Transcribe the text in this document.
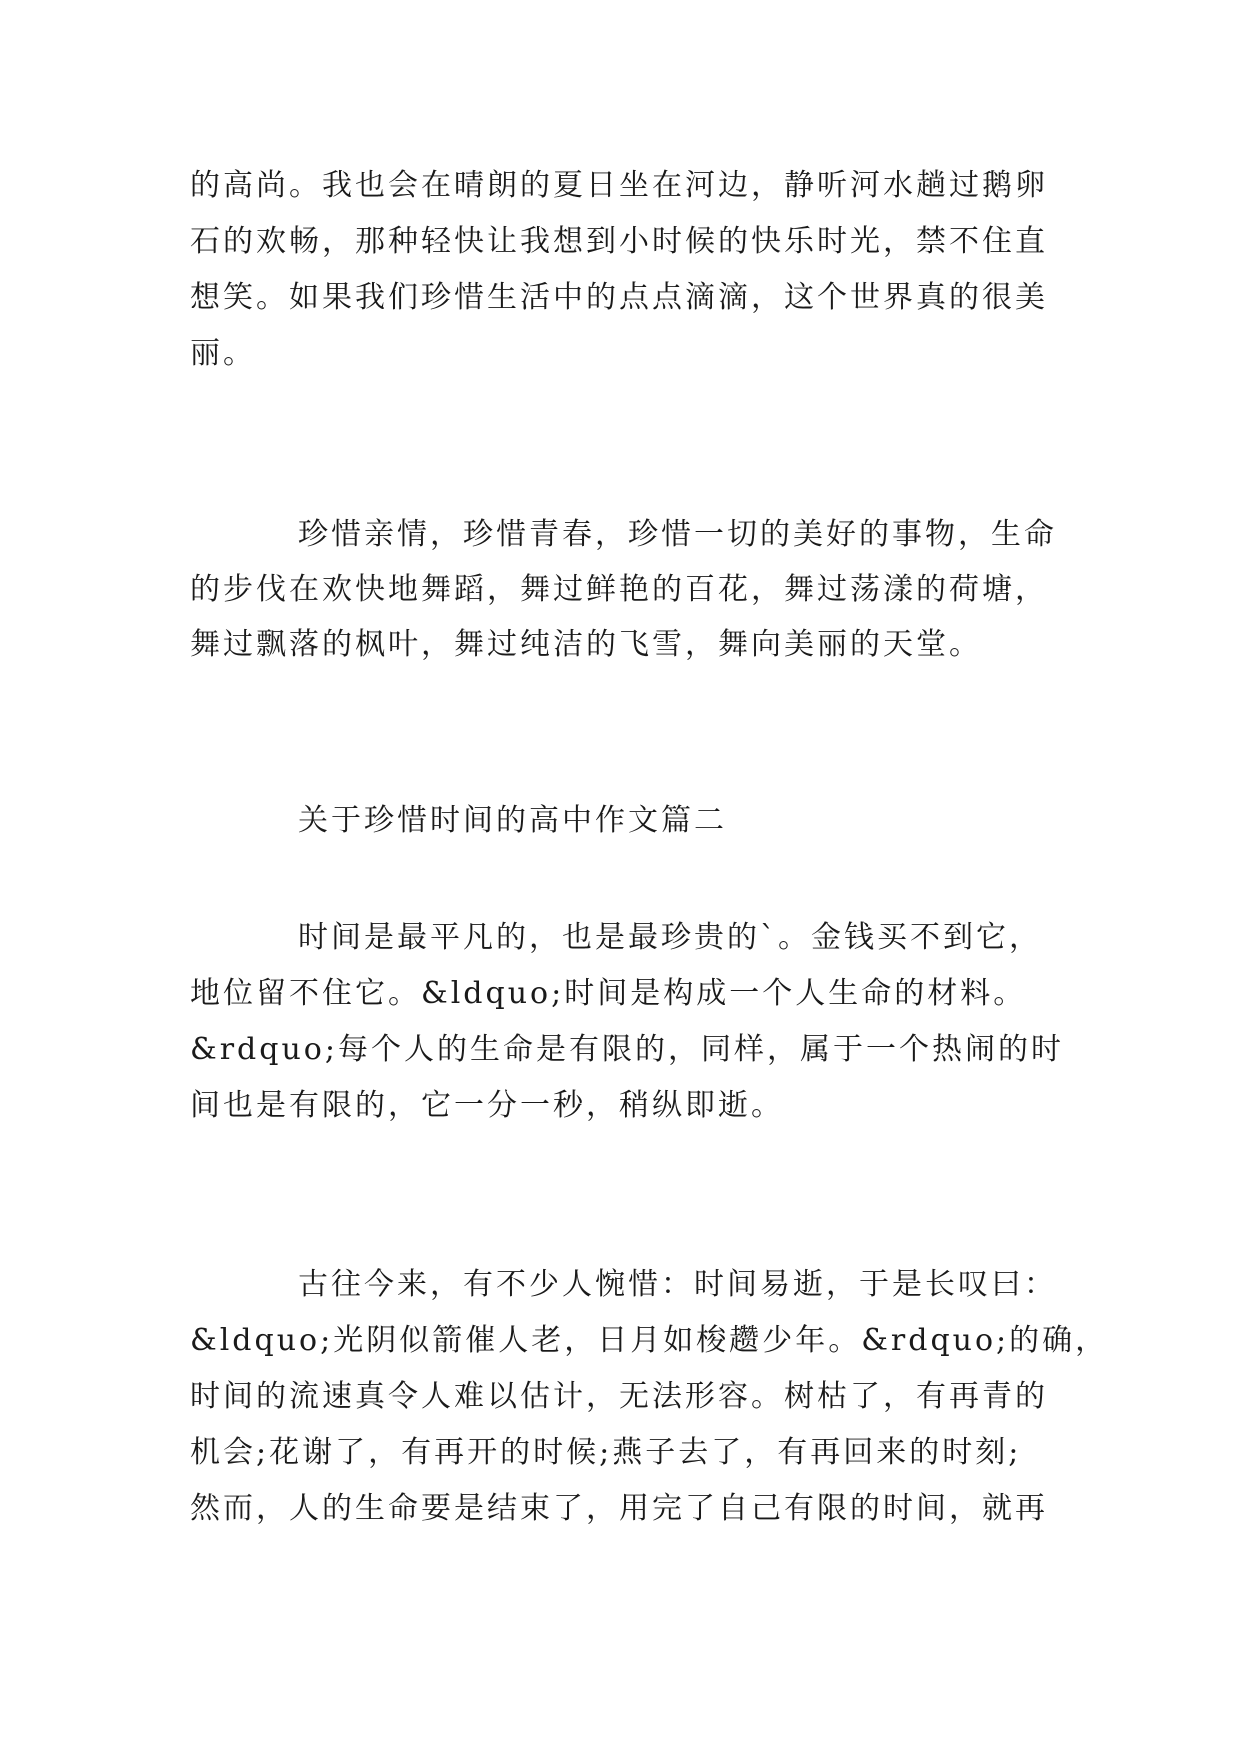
的高尚。我也会在晴朗的夏日坐在河边，静听河水趟过鹅卵
石的欢畅，那种轻快让我想到小时候的快乐时光，禁不住直
想笑。如果我们珍惜生活中的点点滴滴，这个世界真的很美
丽。
珍惜亲情，珍惜青春，珍惜一切的美好的事物，生命
的步伐在欢快地舞蹈，舞过鲜艳的百花，舞过荡漾的荷塘，
舞过飘落的枫叶，舞过纯洁的飞雪，舞向美丽的天堂。
关于珍惜时间的高中作文篇二
时间是最平凡的，也是最珍贵的`。金钱买不到它，
地位留不住它。&ldquo;时间是构成一个人生命的材料。
&rdquo;每个人的生命是有限的，同样，属于一个热闹的时
间也是有限的，它一分一秒，稍纵即逝。
古往今来，有不少人惋惜：时间易逝，于是长叹曰：
&ldquo;光阴似箭催人老，日月如梭趱少年。&rdquo;的确，
时间的流速真令人难以估计，无法形容。树枯了，有再青的
机会;花谢了，有再开的时候;燕子去了，有再回来的时刻;
然而，人的生命要是结束了，用完了自己有限的时间，就再
